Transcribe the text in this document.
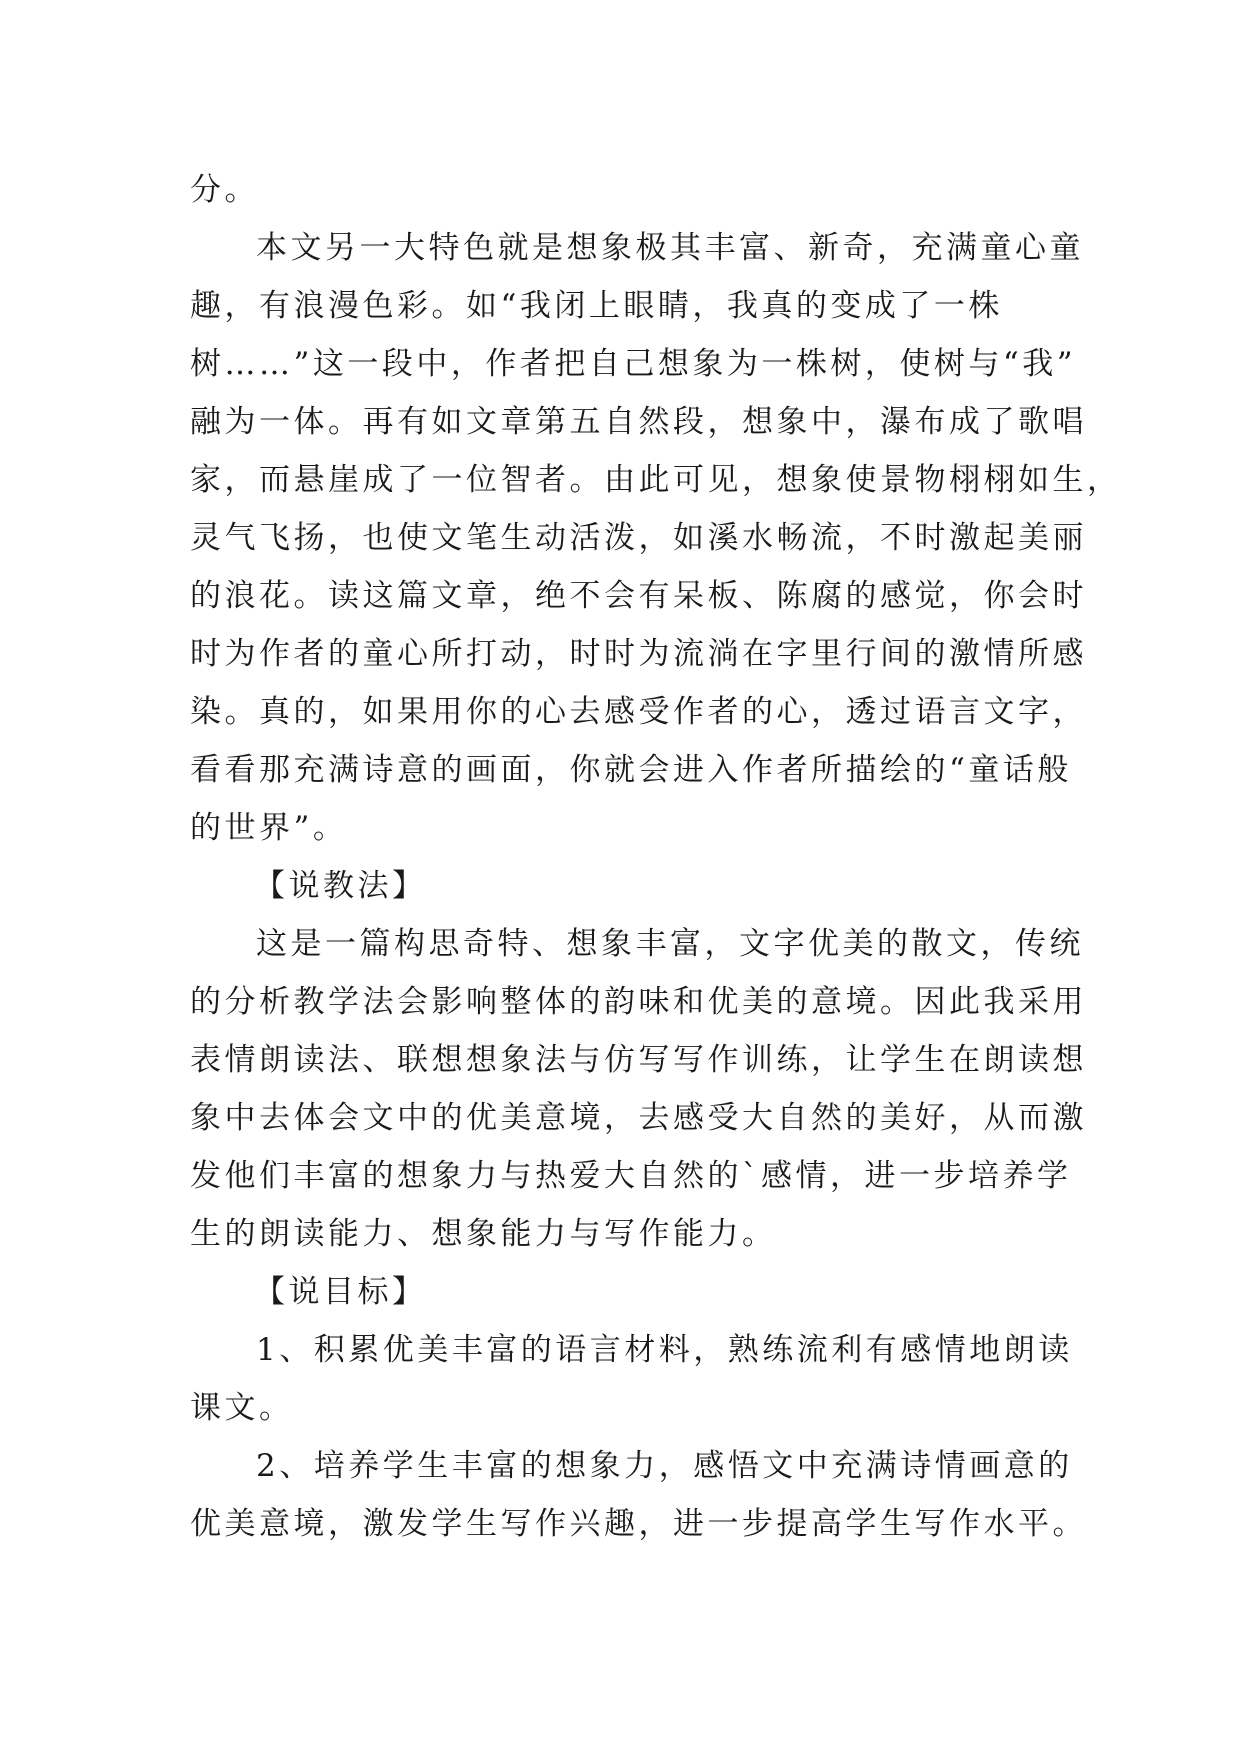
分。
本文另一大特色就是想象极其丰富、新奇，充满童心童
趣，有浪漫色彩。如“我闭上眼睛，我真的变成了一株
树……”这一段中，作者把自己想象为一株树，使树与“我”
融为一体。再有如文章第五自然段，想象中，瀑布成了歌唱
家，而悬崖成了一位智者。由此可见，想象使景物栩栩如生，
灵气飞扬，也使文笔生动活泼，如溪水畅流，不时激起美丽
的浪花。读这篇文章，绝不会有呆板、陈腐的感觉，你会时
时为作者的童心所打动，时时为流淌在字里行间的激情所感
染。真的，如果用你的心去感受作者的心，透过语言文字，
看看那充满诗意的画面，你就会进入作者所描绘的“童话般
的世界”。
【说教法】
这是一篇构思奇特、想象丰富，文字优美的散文，传统
的分析教学法会影响整体的韵味和优美的意境。因此我采用
表情朗读法、联想想象法与仿写写作训练，让学生在朗读想
象中去体会文中的优美意境，去感受大自然的美好，从而激
发他们丰富的想象力与热爱大自然的`感情，进一步培养学
生的朗读能力、想象能力与写作能力。
【说目标】
1、积累优美丰富的语言材料，熟练流利有感情地朗读
课文。
2、培养学生丰富的想象力，感悟文中充满诗情画意的
优美意境，激发学生写作兴趣，进一步提高学生写作水平。
